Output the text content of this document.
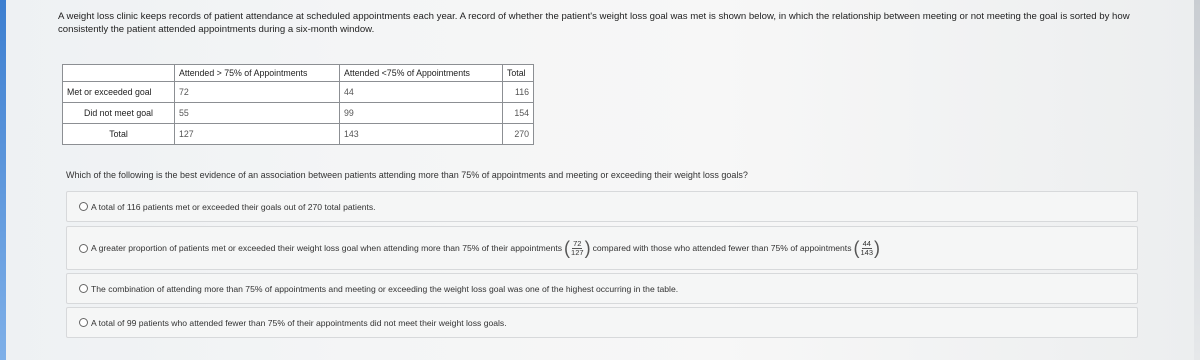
A weight loss clinic keeps records of patient attendance at scheduled appointments each year. A record of whether the patient's weight loss goal was met is shown below, in which the relationship between meeting or not meeting the goal is sorted by how consistently the patient attended appointments during a six-month window.
	Attended > 75% of Appointments	Attended <75% of Appointments	Total
Met or exceeded goal	72	44	116
Did not meet goal	55	99	154
Total	127	143	270
Which of the following is the best evidence of an association between patients attending more than 75% of appointments and meeting or exceeding their weight loss goals?
A total of 116 patients met or exceeded their goals out of 270 total patients.
A greater proportion of patients met or exceeded their weight loss goal when attending more than 75% of their appointments ( $\frac{72}{127}$ ) compared with those who attended fewer than 75% of appointments ( $\frac{44}{143}$ )
The combination of attending more than 75% of appointments and meeting or exceeding the weight loss goal was one of the highest occurring in the table.
A total of 99 patients who attended fewer than 75% of their appointments did not meet their weight loss goals.
